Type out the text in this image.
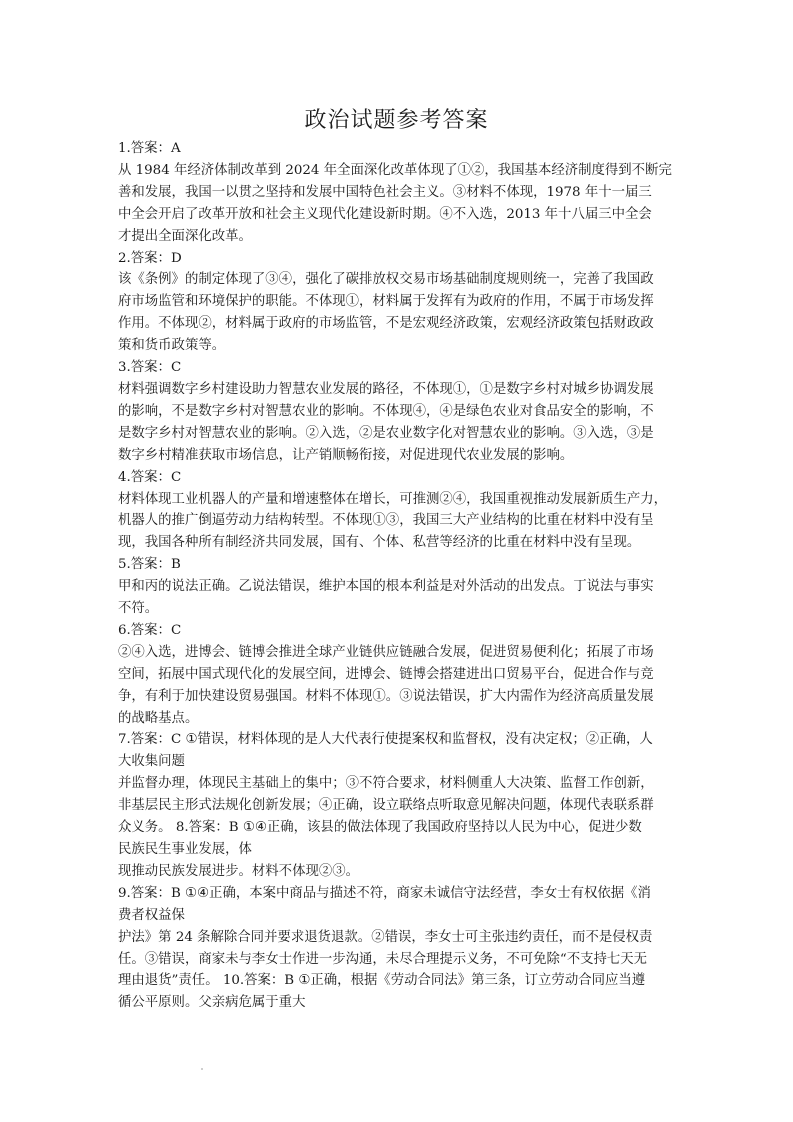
政治试题参考答案

1.答案：A

从 1984 年经济体制改革到 2024 年全面深化改革体现了①②，我国基本经济制度得到不断完

善和发展，我国一以贯之坚持和发展中国特色社会主义。③材料不体现，1978 年十一届三

中全会开启了改革开放和社会主义现代化建设新时期。④不入选，2013 年十八届三中全会

才提出全面深化改革。

2.答案：D

该《条例》的制定体现了③④，强化了碳排放权交易市场基础制度规则统一，完善了我国政

府市场监管和环境保护的职能。不体现①，材料属于发挥有为政府的作用，不属于市场发挥

作用。不体现②，材料属于政府的市场监管，不是宏观经济政策，宏观经济政策包括财政政

策和货币政策等。

3.答案：C

材料强调数字乡村建设助力智慧农业发展的路径，不体现①，①是数字乡村对城乡协调发展

的影响，不是数字乡村对智慧农业的影响。不体现④，④是绿色农业对食品安全的影响，不

是数字乡村对智慧农业的影响。②入选，②是农业数字化对智慧农业的影响。③入选，③是

数字乡村精准获取市场信息，让产销顺畅衔接，对促进现代农业发展的影响。

4.答案：C

材料体现工业机器人的产量和增速整体在增长，可推测②④，我国重视推动发展新质生产力，

机器人的推广倒逼劳动力结构转型。不体现①③，我国三大产业结构的比重在材料中没有呈

现，我国各种所有制经济共同发展，国有、个体、私营等经济的比重在材料中没有呈现。

5.答案：B

甲和丙的说法正确。乙说法错误，维护本国的根本利益是对外活动的出发点。丁说法与事实

不符。

6.答案：C

②④入选，进博会、链博会推进全球产业链供应链融合发展，促进贸易便利化；拓展了市场

空间，拓展中国式现代化的发展空间，进博会、链博会搭建进出口贸易平台，促进合作与竞

争，有利于加快建设贸易强国。材料不体现①。③说法错误，扩大内需作为经济高质量发展

的战略基点。

7.答案：C ①错误，材料体现的是人大代表行使提案权和监督权，没有决定权；②正确，人

大收集问题

并监督办理，体现民主基础上的集中；③不符合要求，材料侧重人大决策、监督工作创新，

非基层民主形式法规化创新发展；④正确，设立联络点听取意见解决问题，体现代表联系群

众义务。 8.答案：B ①④正确，该县的做法体现了我国政府坚持以人民为中心，促进少数

民族民生事业发展，体

现推动民族发展进步。材料不体现②③。

9.答案：B ①④正确，本案中商品与描述不符，商家未诚信守法经营，李女士有权依据《消

费者权益保

护法》第 24 条解除合同并要求退货退款。②错误，李女士可主张违约责任，而不是侵权责

任。③错误，商家未与李女士作进一步沟通，未尽合理提示义务，不可免除“不支持七天无

理由退货”责任。 10.答案：B ①正确，根据《劳动合同法》第三条，订立劳动合同应当遵

循公平原则。父亲病危属于重大
